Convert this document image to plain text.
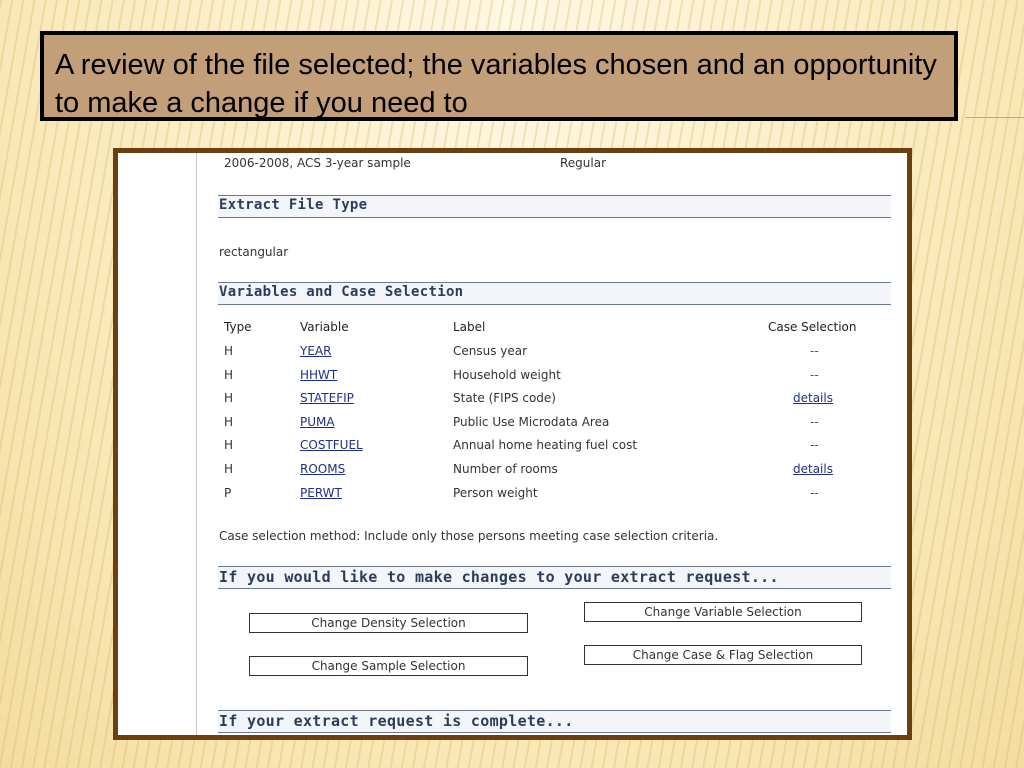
A review of the file selected; the variables chosen and an opportunity to make a change if you need to

2006-2008, ACS 3-year sample	Regular
Extract File Type
rectangular
Variables and Case Selection
Type	Variable	Label	Case Selection
H	YEAR	Census year	--
H	HHWT	Household weight	--
H	STATEFIP	State (FIPS code)	details
H	PUMA	Public Use Microdata Area	--
H	COSTFUEL	Annual home heating fuel cost	--
H	ROOMS	Number of rooms	details
P	PERWT	Person weight	--
Case selection method: Include only those persons meeting case selection criteria.
If you would like to make changes to your extract request...
Change Density Selection
Change Sample Selection
Change Variable Selection
Change Case & Flag Selection
If your extract request is complete...
